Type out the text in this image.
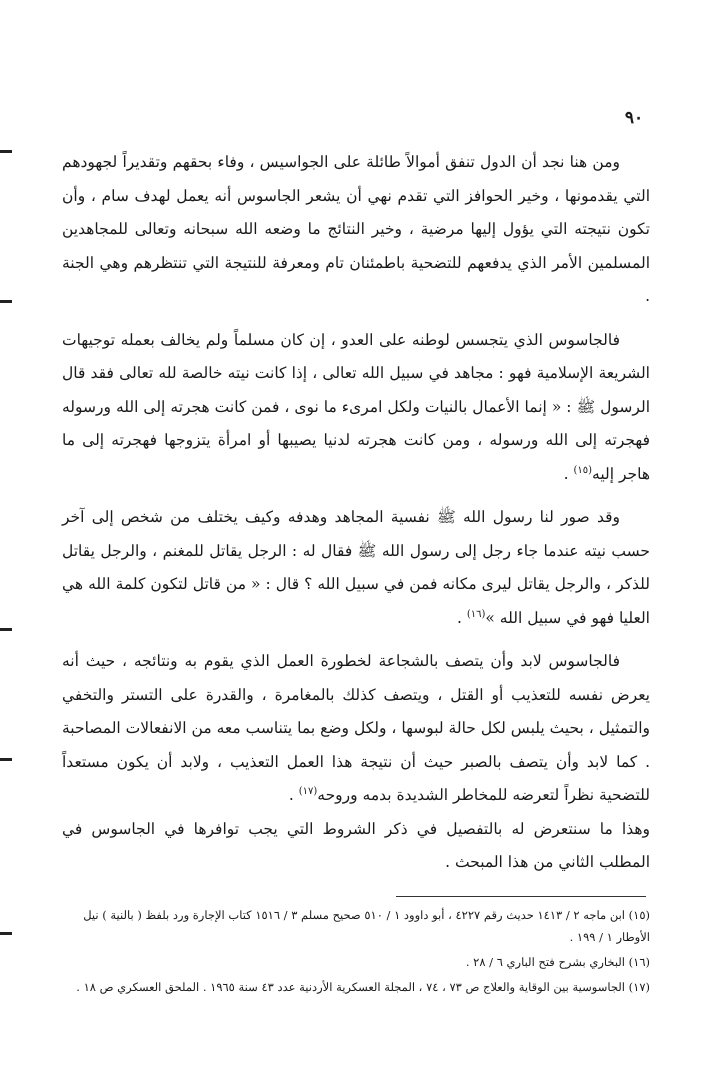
٩٠

ومن هنا نجد أن الدول تنفق أموالاً طائلة على الجواسيس ، وفاء بحقهم وتقديراً لجهودهم التي يقدمونها ، وخير الحوافز التي تقدم نهي أن يشعر الجاسوس أنه يعمل لهدف سام ، وأن تكون نتيجته التي يؤول إليها مرضية ، وخير النتائج ما وضعه الله سبحانه وتعالى للمجاهدين المسلمين الأمر الذي يدفعهم للتضحية باطمئنان تام ومعرفة للنتيجة التي تنتظرهم وهي الجنة .

فالجاسوس الذي يتجسس لوطنه على العدو ، إن كان مسلماً ولم يخالف بعمله توجيهات الشريعة الإسلامية فهو : مجاهد في سبيل الله تعالى ، إذا كانت نيته خالصة لله تعالى فقد قال الرسول ﷺ : « إنما الأعمال بالنيات ولكل امرىء ما نوى ، فمن كانت هجرته إلى الله ورسوله فهجرته إلى الله ورسوله ، ومن كانت هجرته لدنيا يصيبها أو امرأة يتزوجها فهجرته إلى ما هاجر إليه$^{(١٥)}$ .

وقد صور لنا رسول الله ﷺ نفسية المجاهد وهدفه وكيف يختلف من شخص إلى آخر حسب نيته عندما جاء رجل إلى رسول الله ﷺ فقال له : الرجل يقاتل للمغنم ، والرجل يقاتل للذكر ، والرجل يقاتل ليرى مكانه فمن في سبيل الله ؟ قال : « من قاتل لتكون كلمة الله هي العليا فهو في سبيل الله »$^{(١٦)}$ .

فالجاسوس لابد وأن يتصف بالشجاعة لخطورة العمل الذي يقوم به ونتائجه ، حيث أنه يعرض نفسه للتعذيب أو القتل ، ويتصف كذلك بالمغامرة ، والقدرة على التستر والتخفي والتمثيل ، بحيث يلبس لكل حالة لبوسها ، ولكل وضع بما يتناسب معه من الانفعالات المصاحبة . كما لابد وأن يتصف بالصبر حيث أن نتيجة هذا العمل التعذيب ، ولابد أن يكون مستعداً للتضحية نظراً لتعرضه للمخاطر الشديدة بدمه وروحه$^{(١٧)}$ .

وهذا ما سنتعرض له بالتفصيل في ذكر الشروط التي يجب توافرها في الجاسوس في المطلب الثاني من هذا المبحث .

(١٥) ابن ماجه ٢ / ١٤١٣ حديث رقم ٤٢٢٧ ، أبو داوود ١ / ٥١٠ صحيح مسلم ٣ / ١٥١٦ كتاب الإجارة ورد بلفظ ( بالنية ) نيل الأوطار ١ / ١٩٩ .

(١٦) البخاري بشرح فتح الباري ٦ / ٢٨ .

(١٧) الجاسوسية بين الوقاية والعلاج ص ٧٣ ، ٧٤ ، المجلة العسكرية الأردنية عدد ٤٣ سنة ١٩٦٥ . الملحق العسكري ص ١٨ .
